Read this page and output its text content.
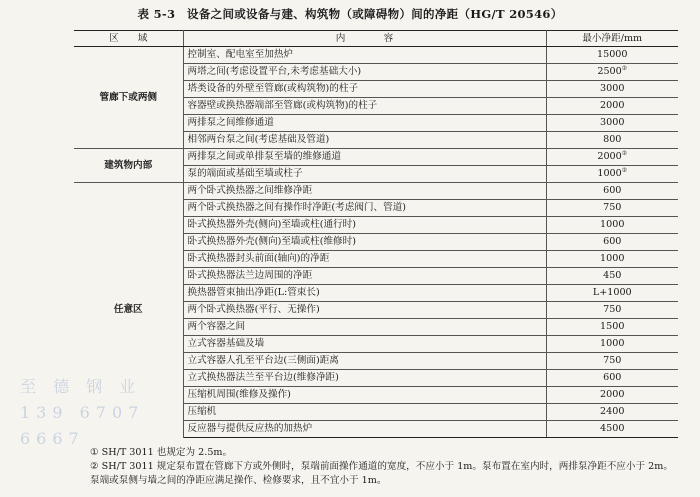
表 5-3　设备之间或设备与建、构筑物（或障碍物）间的净距（HG/T 20546）
区　　域	内　　　　容	最小净距/mm
管廊下或两侧	控制室、配电室至加热炉	15000
	两塔之间(考虑设置平台,未考虑基础大小)	2500②
	塔类设备的外壁至管廊(或构筑物)的柱子	3000
	容器壁或换热器端部至管廊(或构筑物)的柱子	2000
	两排泵之间维修通道	3000
	相邻两台泵之间(考虑基础及管道)	800
建筑物内部	两排泵之间或单排泵至墙的维修通道	2000②
	泵的端面或基础至墙或柱子	1000②
任意区	两个卧式换热器之间维修净距	600
	两个卧式换热器之间有操作时净距(考虑阀门、管道)	750
	卧式换热器外壳(侧向)至墙或柱(通行时)	1000
	卧式换热器外壳(侧向)至墙或柱(维修时)	600
	卧式换热器封头前面(轴向)的净距	1000
	卧式换热器法兰边周围的净距	450
	换热器管束抽出净距(L:管束长)	L+1000
	两个卧式换热器(平行、无操作)	750
	两个容器之间	1500
	立式容器基础及墙	1000
	立式容器人孔至平台边(三侧面)距离	750
	立式换热器法兰至平台边(维修净距)	600
	压缩机周围(维修及操作)	2000
	压缩机	2400
	反应器与提供反应热的加热炉	4500
① SH/T 3011 也规定为 2.5m。
② SH/T 3011 规定泵布置在管廊下方或外侧时，泵端前面操作通道的宽度，不应小于 1m。泵布置在室内时，两排泵净距不应小于 2m。泵端或泵侧与墙之间的净距应满足操作、检修要求，且不宜小于 1m。
至 德 钢 业
139 6707 6667
